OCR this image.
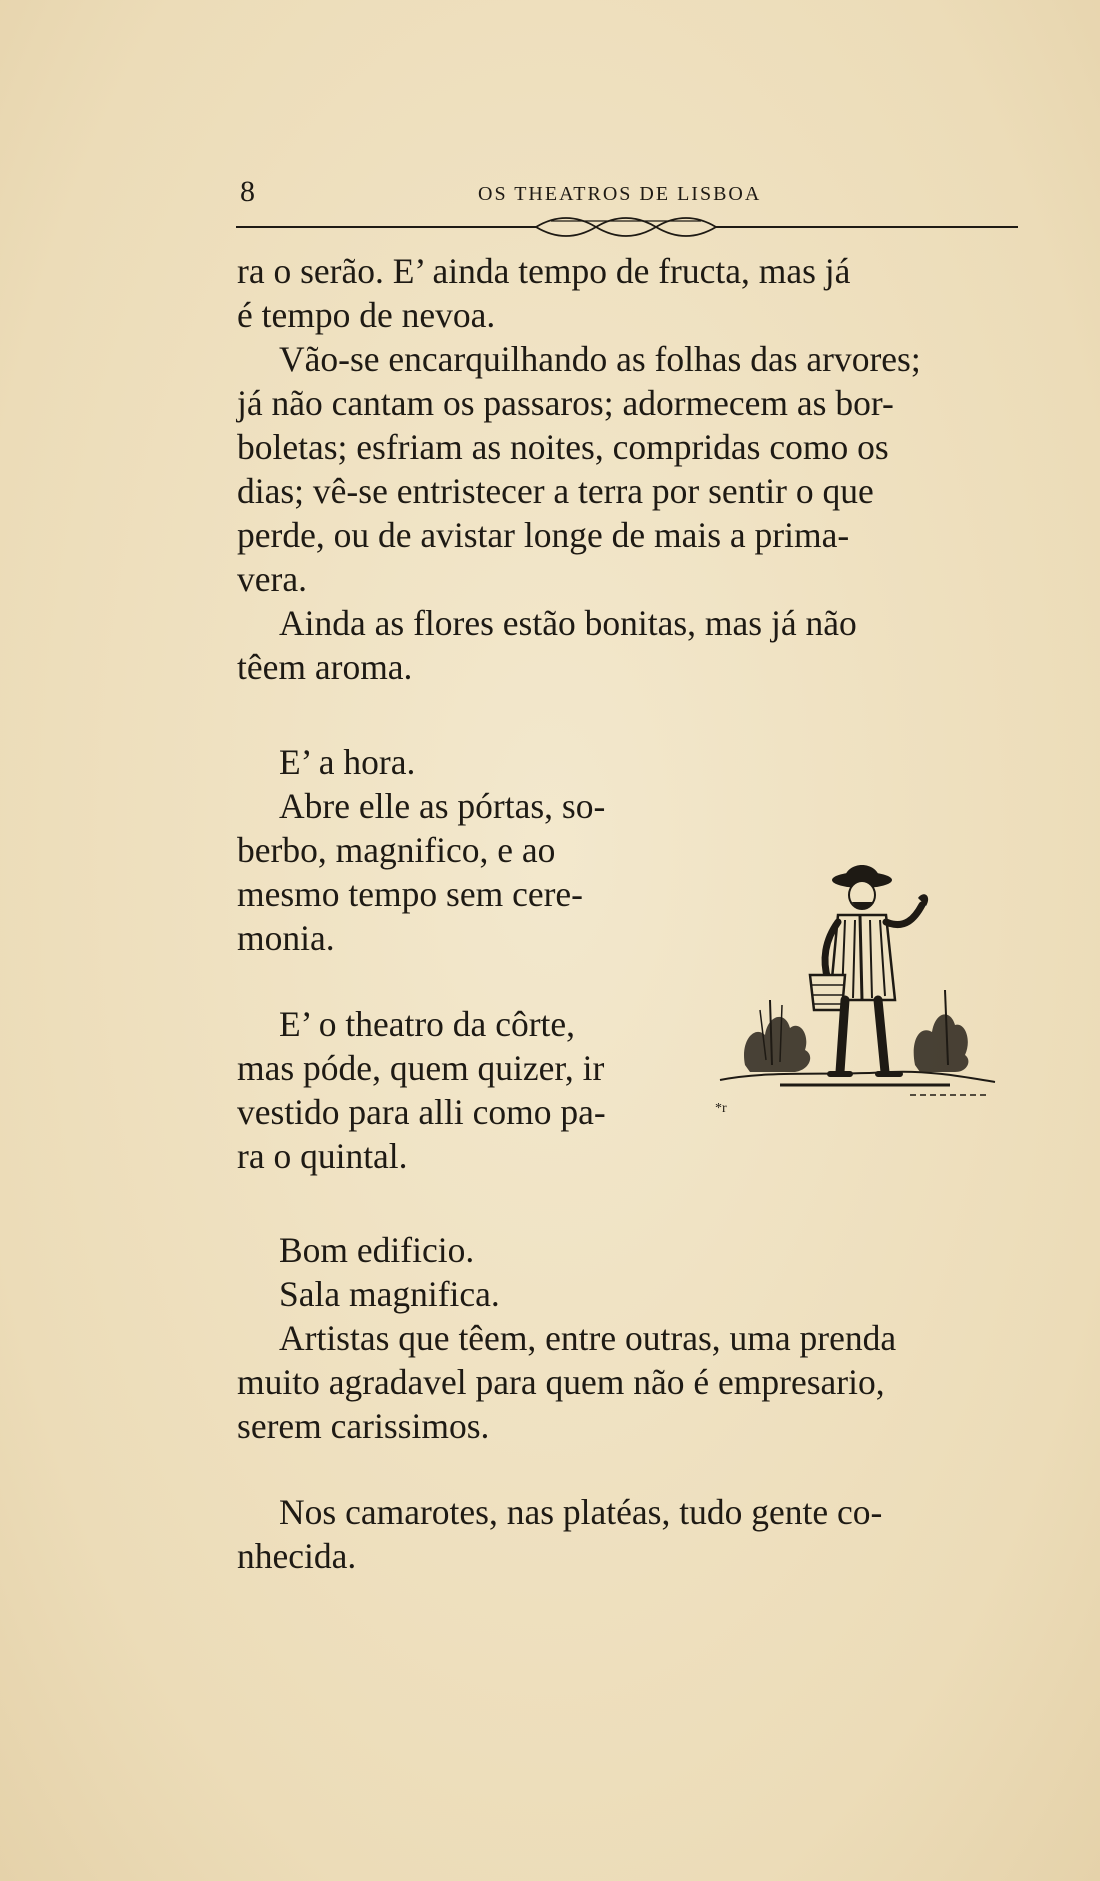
8	OS THEATROS DE LISBOA

ra o serão. E’ ainda tempo de fructa, mas já

é tempo de nevoa.

Vão-se encarquilhando as folhas das arvores;

já não cantam os passaros; adormecem as bor-

boletas; esfriam as noites, compridas como os

dias; vê-se entristecer a terra por sentir o que

perde, ou de avistar longe de mais a prima-

vera.

Ainda as flores estão bonitas, mas já não

têem aroma.

E’ a hora.

Abre elle as pórtas, so-

berbo, magnifico, e ao

mesmo tempo sem cere-

monia.

E’ o theatro da côrte,

mas póde, quem quizer, ir

vestido para alli como pa-

ra o quintal.

Bom edificio.

Sala magnifica.

Artistas que têem, entre outras, uma prenda

muito agradavel para quem não é empresario,

serem carissimos.

Nos camarotes, nas platéas, tudo gente co-

nhecida.

*r
